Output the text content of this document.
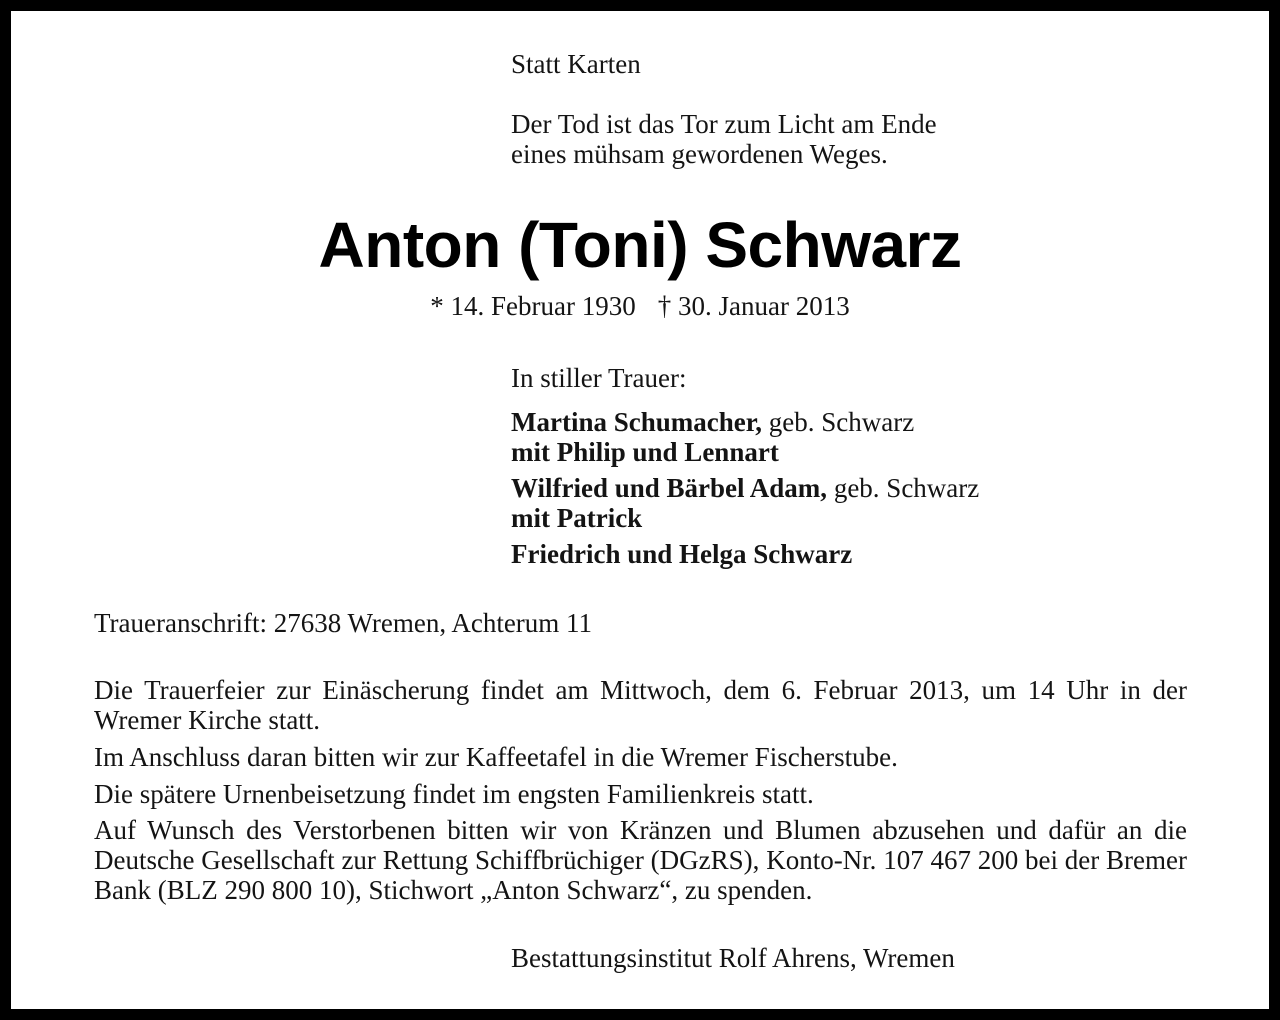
Statt Karten

Der Tod ist das Tor zum Licht am Ende
eines mühsam gewordenen Weges.
Anton (Toni) Schwarz
* 14. Februar 1930 † 30. Januar 2013

In stiller Trauer:

Martina Schumacher, geb. Schwarz
mit Philip und Lennart
Wilfried und Bärbel Adam, geb. Schwarz
mit Patrick
Friedrich und Helga Schwarz

Traueranschrift: 27638 Wremen, Achterum 11

Die Trauerfeier zur Einäscherung findet am Mittwoch, dem 6. Februar 2013, um 14 Uhr in der Wremer Kirche statt.

Im Anschluss daran bitten wir zur Kaffeetafel in die Wremer Fischerstube.

Die spätere Urnenbeisetzung findet im engsten Familienkreis statt.

Auf Wunsch des Verstorbenen bitten wir von Kränzen und Blumen abzusehen und dafür an die Deutsche Gesellschaft zur Rettung Schiffbrüchiger (DGzRS), Konto-Nr. 107 467 200 bei der Bremer Bank (BLZ 290 800 10), Stichwort „Anton Schwarz“, zu spenden.

Bestattungsinstitut Rolf Ahrens, Wremen
